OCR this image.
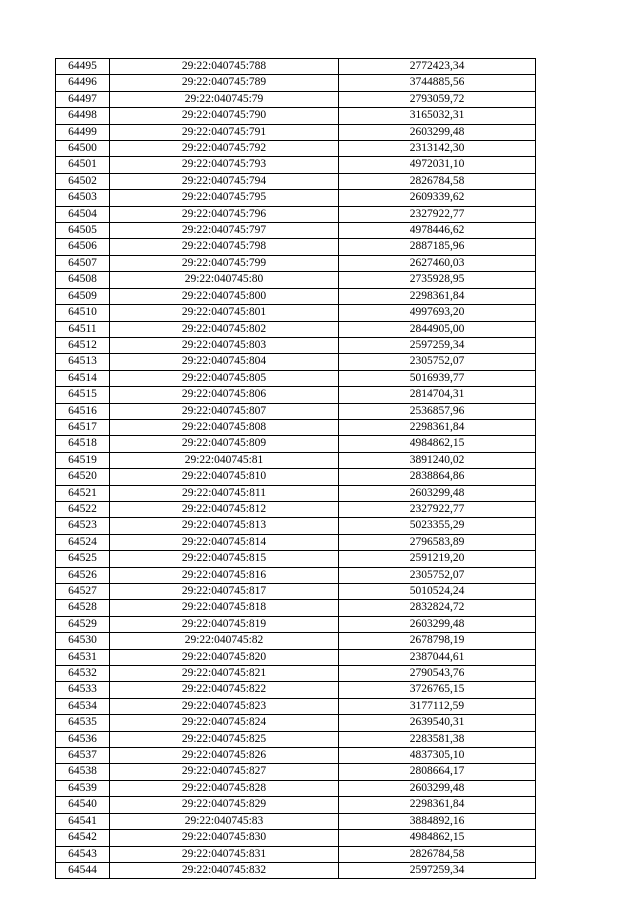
64495	29:22:040745:788	2772423,34
64496	29:22:040745:789	3744885,56
64497	29:22:040745:79	2793059,72
64498	29:22:040745:790	3165032,31
64499	29:22:040745:791	2603299,48
64500	29:22:040745:792	2313142,30
64501	29:22:040745:793	4972031,10
64502	29:22:040745:794	2826784,58
64503	29:22:040745:795	2609339,62
64504	29:22:040745:796	2327922,77
64505	29:22:040745:797	4978446,62
64506	29:22:040745:798	2887185,96
64507	29:22:040745:799	2627460,03
64508	29:22:040745:80	2735928,95
64509	29:22:040745:800	2298361,84
64510	29:22:040745:801	4997693,20
64511	29:22:040745:802	2844905,00
64512	29:22:040745:803	2597259,34
64513	29:22:040745:804	2305752,07
64514	29:22:040745:805	5016939,77
64515	29:22:040745:806	2814704,31
64516	29:22:040745:807	2536857,96
64517	29:22:040745:808	2298361,84
64518	29:22:040745:809	4984862,15
64519	29:22:040745:81	3891240,02
64520	29:22:040745:810	2838864,86
64521	29:22:040745:811	2603299,48
64522	29:22:040745:812	2327922,77
64523	29:22:040745:813	5023355,29
64524	29:22:040745:814	2796583,89
64525	29:22:040745:815	2591219,20
64526	29:22:040745:816	2305752,07
64527	29:22:040745:817	5010524,24
64528	29:22:040745:818	2832824,72
64529	29:22:040745:819	2603299,48
64530	29:22:040745:82	2678798,19
64531	29:22:040745:820	2387044,61
64532	29:22:040745:821	2790543,76
64533	29:22:040745:822	3726765,15
64534	29:22:040745:823	3177112,59
64535	29:22:040745:824	2639540,31
64536	29:22:040745:825	2283581,38
64537	29:22:040745:826	4837305,10
64538	29:22:040745:827	2808664,17
64539	29:22:040745:828	2603299,48
64540	29:22:040745:829	2298361,84
64541	29:22:040745:83	3884892,16
64542	29:22:040745:830	4984862,15
64543	29:22:040745:831	2826784,58
64544	29:22:040745:832	2597259,34
